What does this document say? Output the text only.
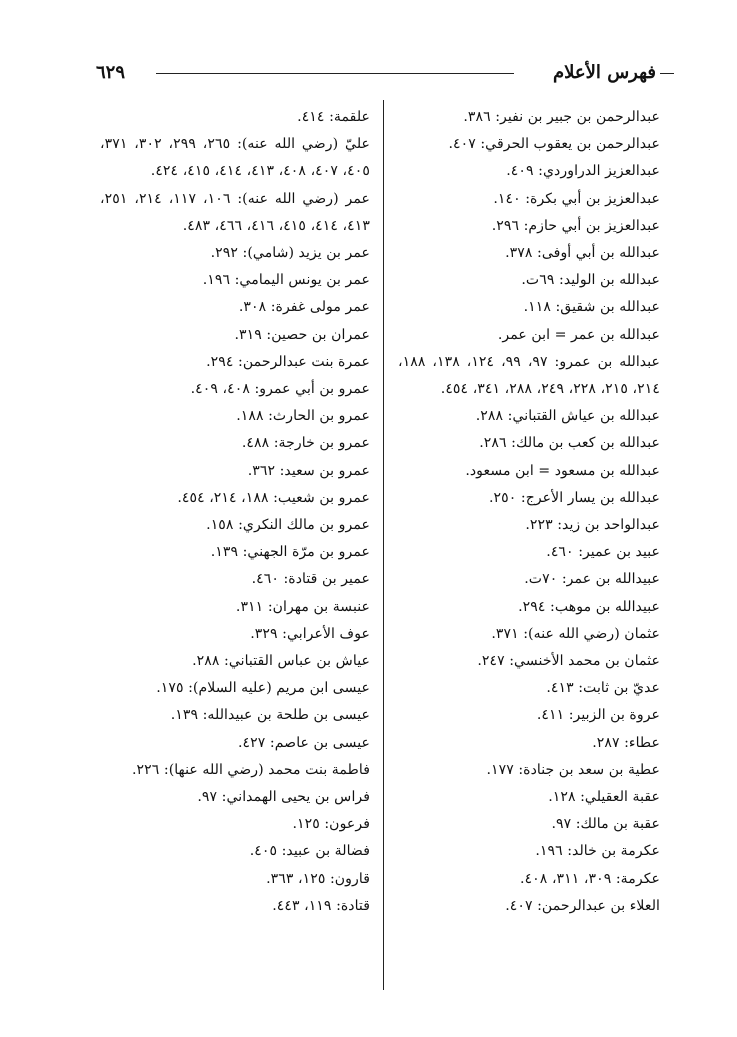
٦٢٩	فهرس الأعلام
عبدالرحمن بن جبير بن نفير: ٣٨٦.
عبدالرحمن بن يعقوب الحرقي: ٤٠٧.
عبدالعزيز الدراوردي: ٤٠٩.
عبدالعزيز بن أبي بكرة: ١٤٠.
عبدالعزيز بن أبي حازم: ٢٩٦.
عبدالله بن أبي أوفى: ٣٧٨.
عبدالله بن الوليد: ٦٩ت.
عبدالله بن شقيق: ١١٨.
عبدالله بن عمر = ابن عمر.
عبدالله بن عمرو: ٩٧، ٩٩، ١٢٤، ١٣٨، ١٨٨، ٢١٤، ٢١٥، ٢٢٨، ٢٤٩، ٢٨٨، ٣٤١، ٤٥٤.
عبدالله بن عياش القتباني: ٢٨٨.
عبدالله بن كعب بن مالك: ٢٨٦.
عبدالله بن مسعود = ابن مسعود.
عبدالله بن يسار الأعرج: ٢٥٠.
عبدالواحد بن زيد: ٢٢٣.
عبيد بن عمير: ٤٦٠.
عبيدالله بن عمر: ٧٠ت.
عبيدالله بن موهب: ٢٩٤.
عثمان (رضي الله عنه): ٣٧١.
عثمان بن محمد الأخنسي: ٢٤٧.
عديّ بن ثابت: ٤١٣.
عروة بن الزبير: ٤١١.
عطاء: ٢٨٧.
عطية بن سعد بن جنادة: ١٧٧.
عقبة العقيلي: ١٢٨.
عقبة بن مالك: ٩٧.
عكرمة بن خالد: ١٩٦.
عكرمة: ٣٠٩، ٣١١، ٤٠٨.
العلاء بن عبدالرحمن: ٤٠٧.
علقمة: ٤١٤.
عليّ (رضي الله عنه): ٢٦٥، ٢٩٩، ٣٠٢، ٣٧١، ٤٠٥، ٤٠٧، ٤٠٨، ٤١٣، ٤١٤، ٤١٥، ٤٢٤.
عمر (رضي الله عنه): ١٠٦، ١١٧، ٢١٤، ٢٥١، ٤١٣، ٤١٤، ٤١٥، ٤١٦، ٤٦٦، ٤٨٣.
عمر بن يزيد (شامي): ٢٩٢.
عمر بن يونس اليمامي: ١٩٦.
عمر مولى غفرة: ٣٠٨.
عمران بن حصين: ٣١٩.
عمرة بنت عبدالرحمن: ٢٩٤.
عمرو بن أبي عمرو: ٤٠٨، ٤٠٩.
عمرو بن الحارث: ١٨٨.
عمرو بن خارجة: ٤٨٨.
عمرو بن سعيد: ٣٦٢.
عمرو بن شعيب: ١٨٨، ٢١٤، ٤٥٤.
عمرو بن مالك النكري: ١٥٨.
عمرو بن مرّة الجهني: ١٣٩.
عمير بن قتادة: ٤٦٠.
عنبسة بن مهران: ٣١١.
عوف الأعرابي: ٣٢٩.
عياش بن عباس القتباني: ٢٨٨.
عيسى ابن مريم (عليه السلام): ١٧٥.
عيسى بن طلحة بن عبيدالله: ١٣٩.
عيسى بن عاصم: ٤٢٧.
فاطمة بنت محمد (رضي الله عنها): ٢٢٦.
فراس بن يحيى الهمداني: ٩٧.
فرعون: ١٢٥.
فضالة بن عبيد: ٤٠٥.
قارون: ١٢٥، ٣٦٣.
قتادة: ١١٩، ٤٤٣.
